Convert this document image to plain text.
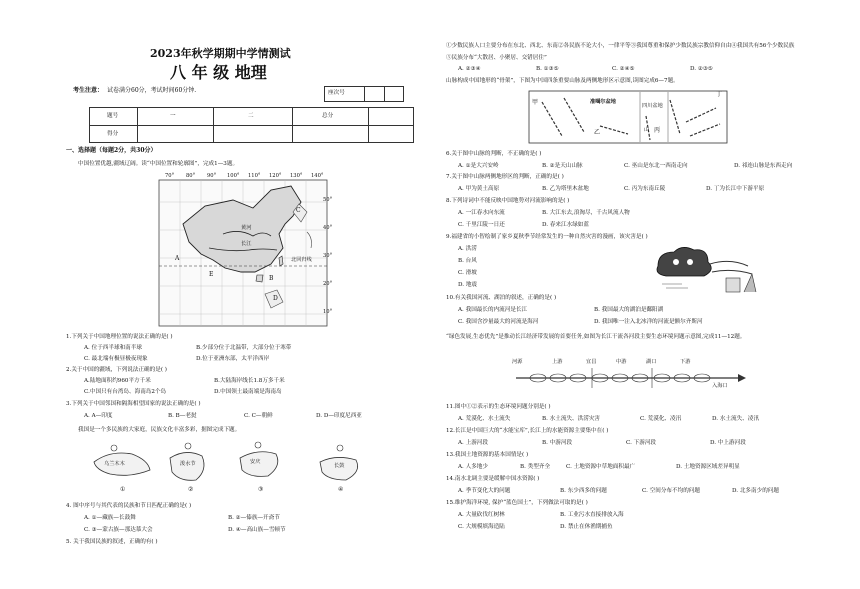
2023年秋学期期中学情测试
八 年 级 地理
考生注意： 试卷满分60分，考试时间60分钟.	座次号
题号	一	二	总分
得分
一、选择题（每题2分，共30分）
中国位置优越,疆域辽阔。读“中国位置和轮廓图”，完成1—3题。
70° 80° 90° 100° 110° 120° 130° 140°
50°
40°
30°
20°
10°
A
B
C
D
E
黄河
长江
北回归线
1.下列关于中国地理位置的说法正确的是( )
A. 位于西半球和南半球	B.少部分位于北温带，大部分位于寒带
C. 最北端有极昼极夜现象	D.位于亚洲东部，太平洋西岸
2.关于中国的疆域，下列说法正确的是( )
A.陆地面积约960平方千米	B.大陆海岸线长1.8万多千米
C.中国只有台湾岛、海南岛2个岛	D.中国领土最南端是海南岛
3.下列关于中国邻国和隔海相望国家的说法正确的是( )
A. A—印度	B. B—老挝	C. C—朝鲜	D. D—印度尼西亚
我国是一个多民族的大家庭，民族文化丰富多彩，据图完成下题。
乌兰木木	泼水节	安庆
长鼓
①	②	③	④
4. 图中序号与其代表的民族和节日匹配正确的是( )
A. ①—藏族—长鼓舞	B. ②—傣族—开斋节
C. ③—蒙古族—那达慕大会	D. ④—高山族—雪顿节
5. 关于我国民族的叙述，正确的有( )
①少数民族人口主要分布在东北、西北、东南②各民族不论大小，一律平等③我国尊重和保护少数民族宗教信仰自由④我国共有56个少数民族⑤民族分布“大散居、小聚居、交错居住”
A. ②③④	B. ①③⑤	C. ②④⑤	D. ②③⑤
山脉构成中国地形的“骨架”，下图为中国四条重要山脉及两侧地形区示意图,读图完成6—7题。
甲	准噶尔盆地
乙
四川盆地
丙
山
丁
6.关于图中山脉的判断，不正确的是( )
A. ①是大兴安岭	B. ②是天山山脉	C. 巫山是东北一西南走向	D. 祁连山脉是东西走向
7.关于图中山脉两侧地形区的判断，正确的是( )
A. 甲为黄土高原	B. 乙为塔里木盆地	C. 丙为东南丘陵	D. 丁为长江中下游平原
8.下列诗词中不能反映中国地势对河流影响的是( )
A. 一江春水向东流	B. 大江东去,浪淘尽，千古风流人物
C. 千里江陵一日还	D. 春来江水绿如蓝
9.福建省的小智绘制了家乡夏秋季节经常发生的一种自然灾害的漫画，该灾害是( )
A. 洪涝
B. 台风
C. 滑坡
D. 地震
10.有关我国河流、湖泊的叙述，正确的是( )
A. 我国最长的内流河是长江	B. 我国最大的湖泊是鄱阳湖
C. 我国含沙量最大的河流是海河	D. 我国唯一注入北冰洋的河流是额尔齐斯河
“绿色发展,生态优先”是推动长江经济带发展的首要任务,如图为长江干流各河段主要生态环境问题示意图,完成11—12题。
河源	上游	宜昌	湖口
中游	下游
入海口
11.图中①②表示的生态环境问题分别是( )
A. 荒漠化、水土流失	B. 水土流失、洪涝灾害	C. 荒漠化、凌汛	D. 水土流失、凌汛
12.长江是中国巨大的“水能宝库”,长江上的水能资源主要集中在( )
A. 上游河段	B. 中游河段	C. 下游河段	D. 中上游河段
13.我国土地资源的基本国情是( )
A. 人多地少	B. 类型齐全	C. 土地资源中草地面积最广	D. 土地资源区域差异明显
14.南水北调主要是缓解中国水资源( )
A. 季节变化大的问题	B. 东少西多的问题	C. 空间分布不均的问题	D. 北多南少的问题
15.维护海洋环境, 保护“蓝色国土”，下列做法可取的是( )
A. 大量砍伐红树林	B. 工业污水直接排放入海
C. 大规模填海造陆	D. 禁止在休渔期捕鱼
